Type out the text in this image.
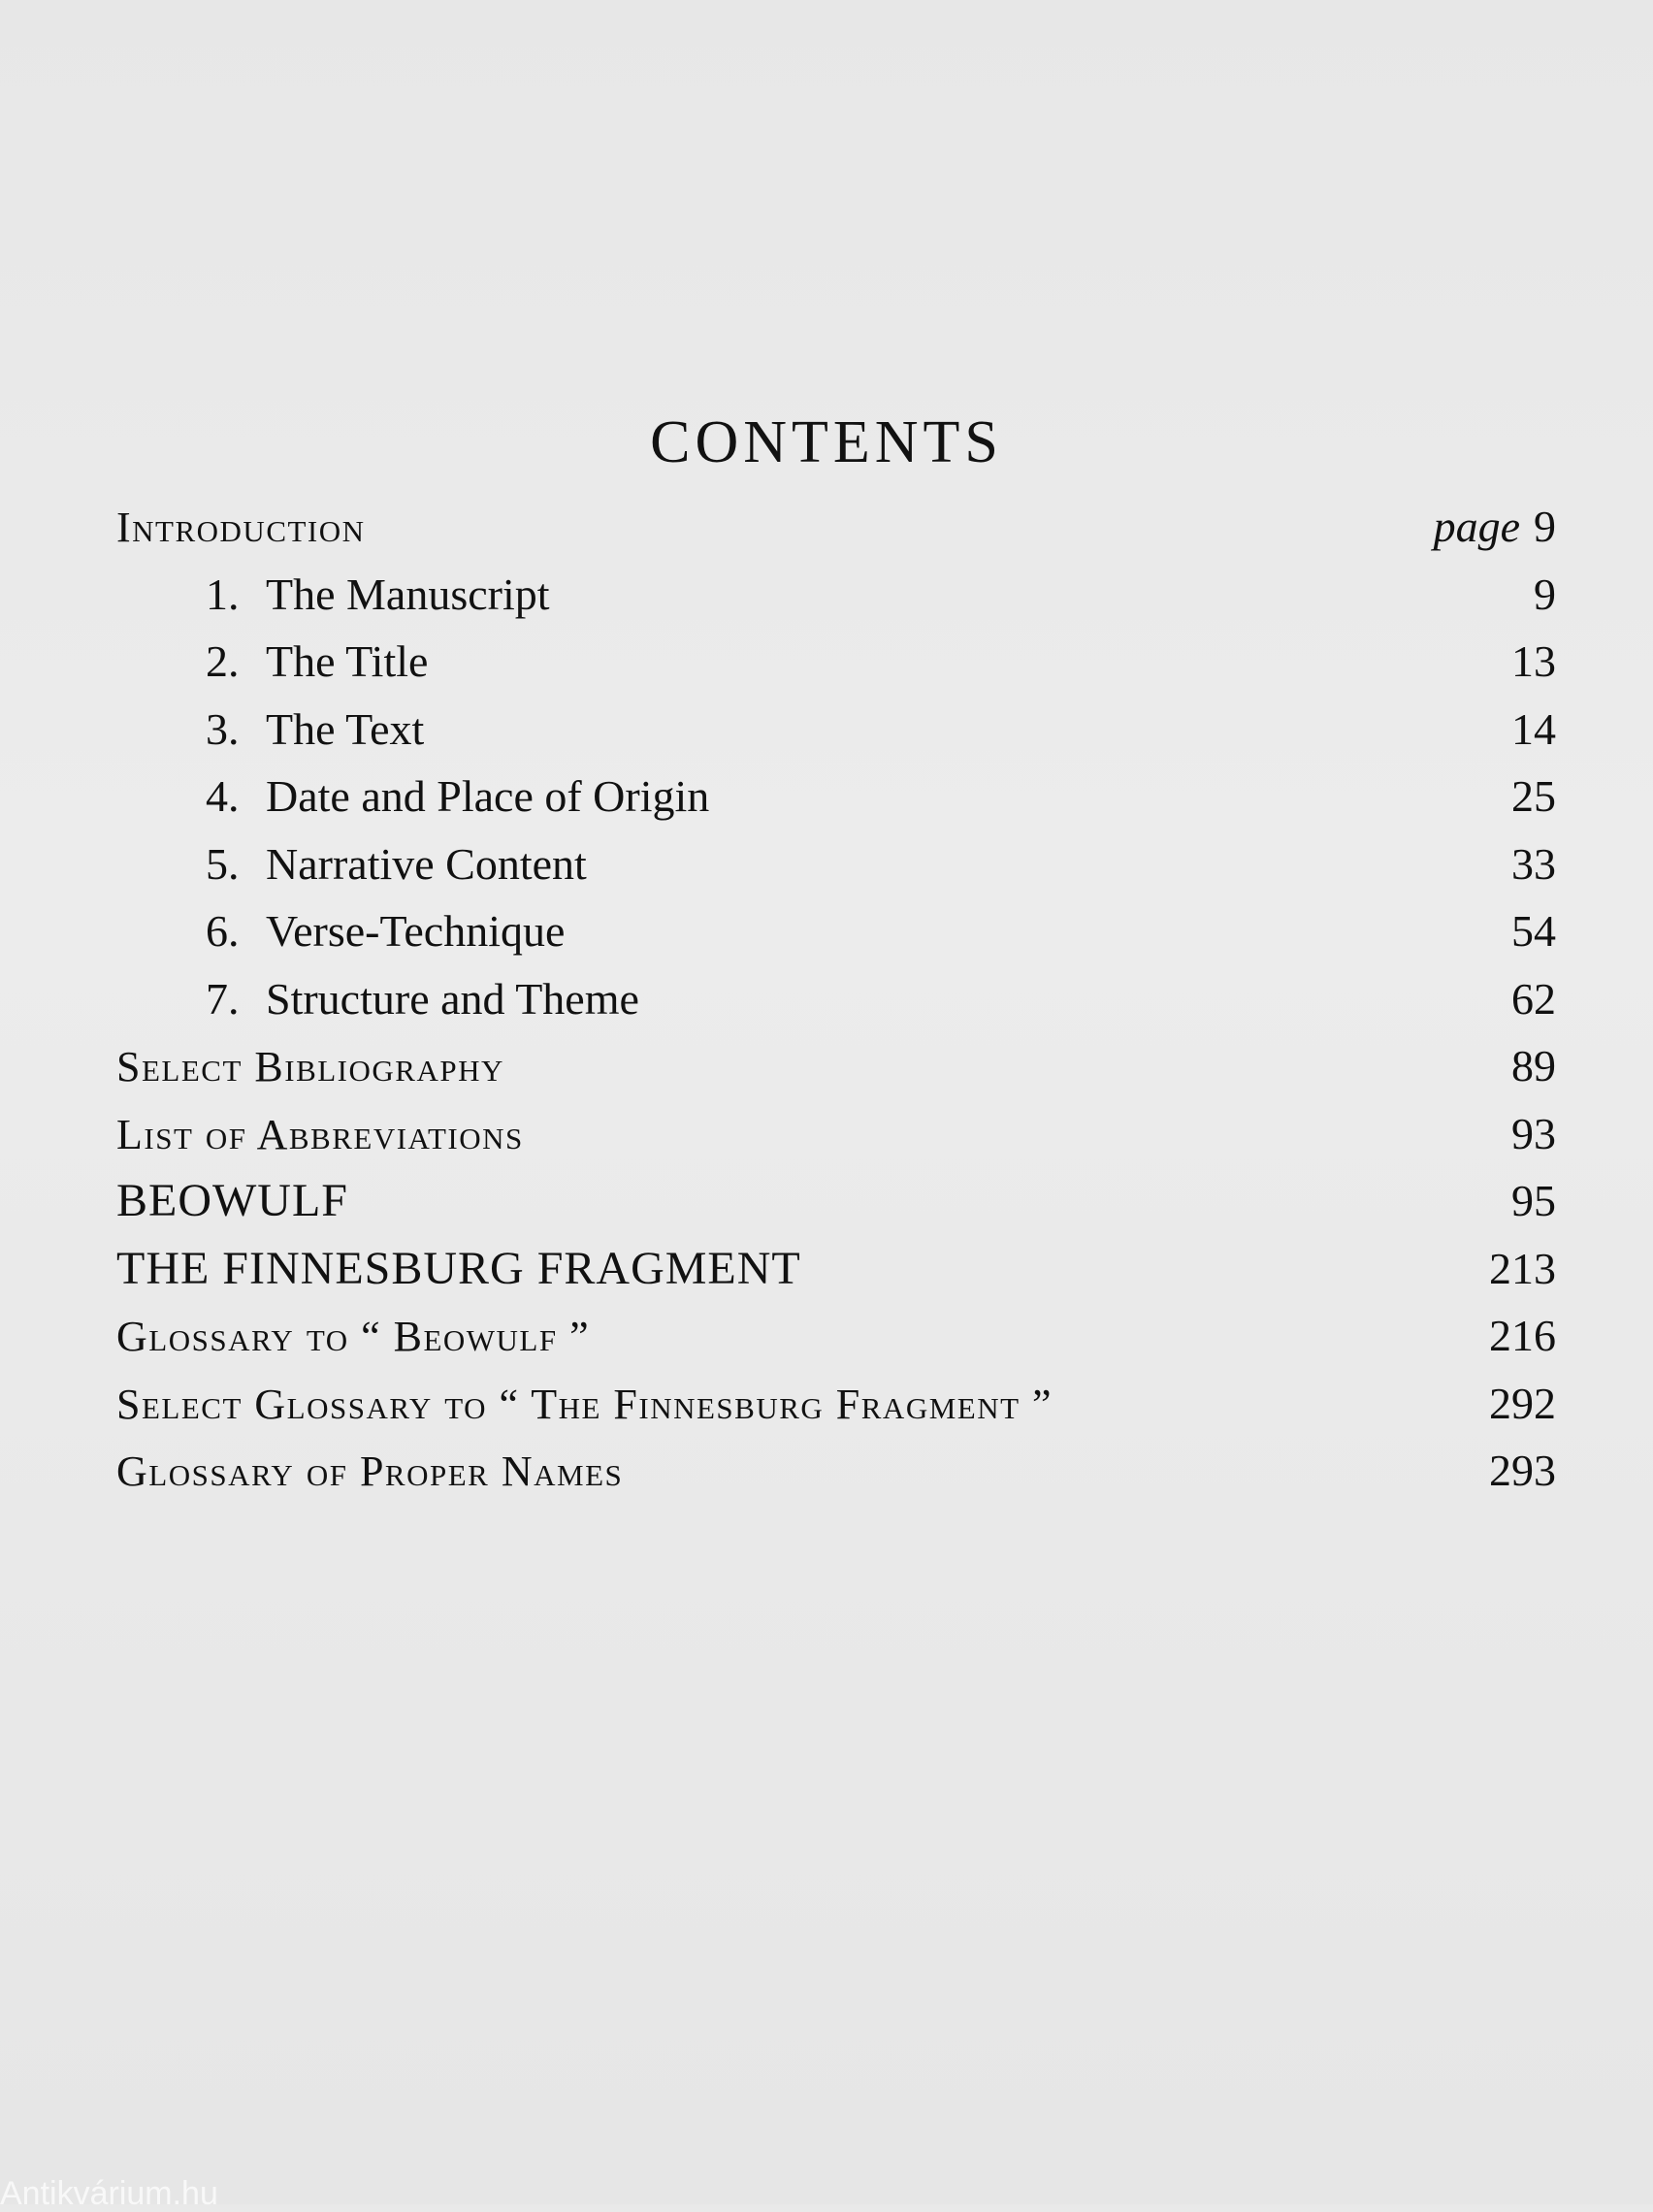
CONTENTS
Introduction	page 9
1. The Manuscript	9
2. The Title	13
3. The Text	14
4. Date and Place of Origin	25
5. Narrative Content	33
6. Verse-Technique	54
7. Structure and Theme	62
Select Bibliography	89
List of Abbreviations	93
BEOWULF	95
THE FINNESBURG FRAGMENT	213
Glossary to “ Beowulf ”	216
Select Glossary to “ The Finnesburg Fragment ”	292
Glossary of Proper Names	293
Antikvárium.hu
